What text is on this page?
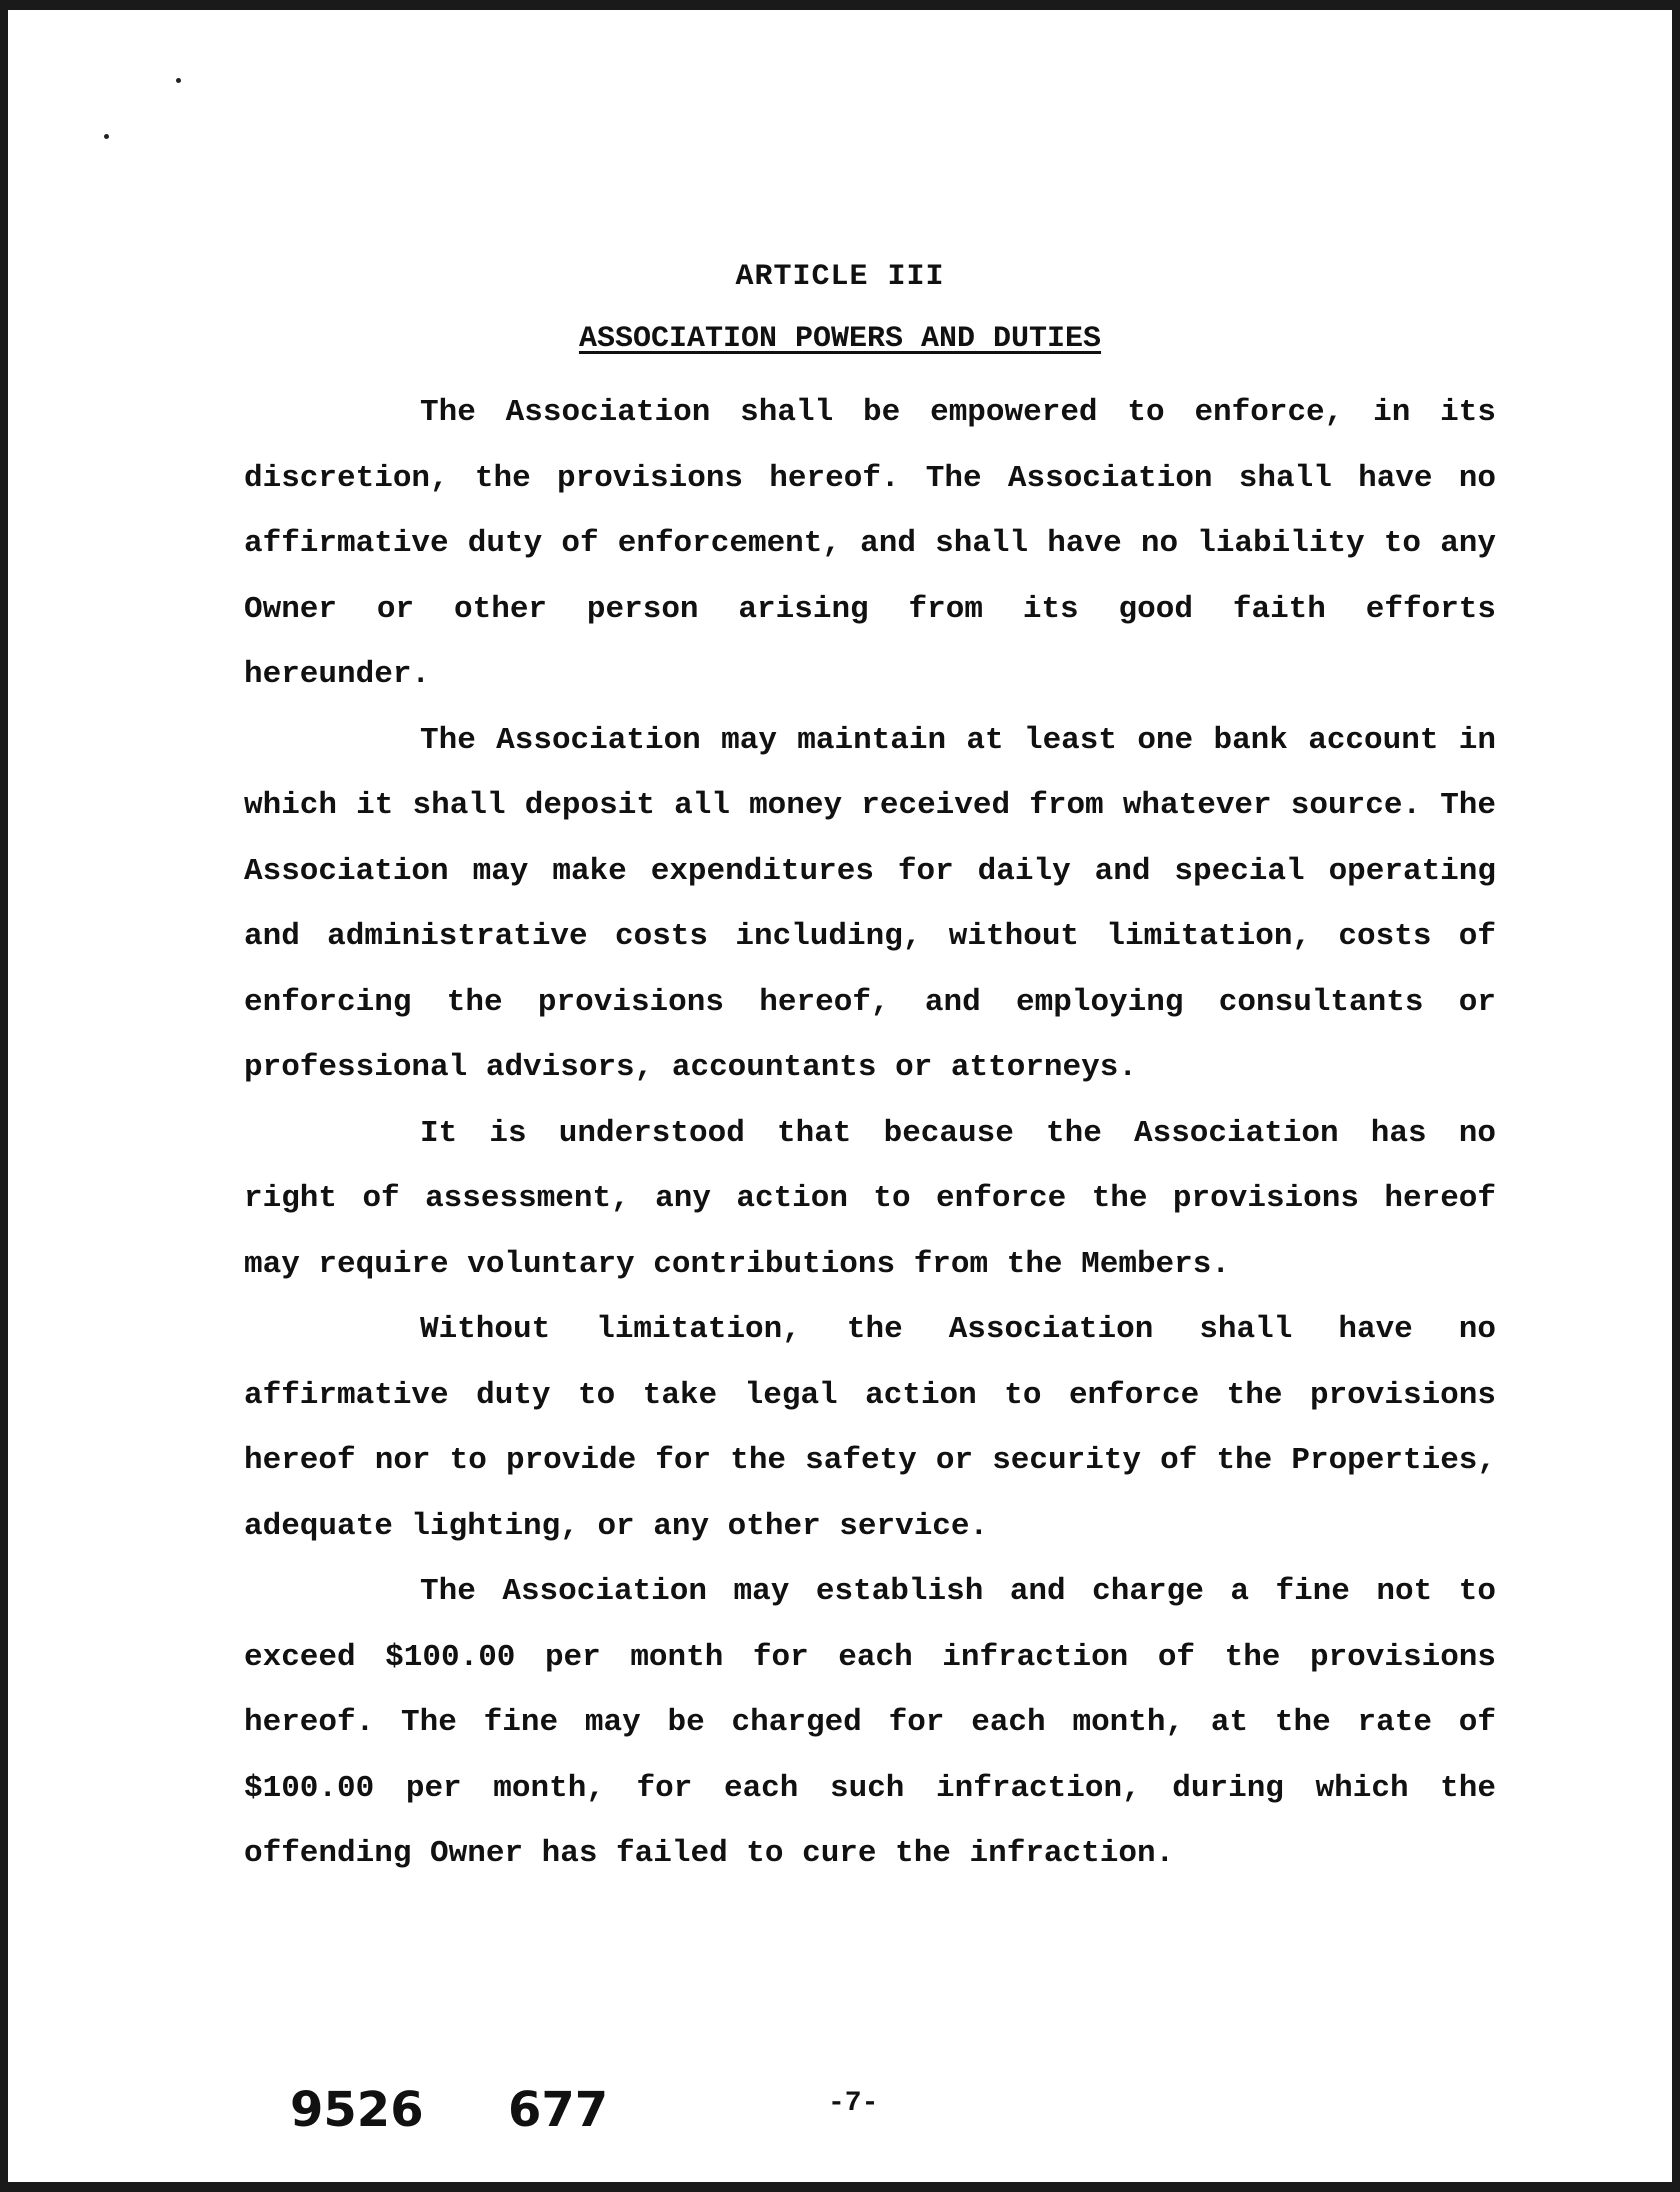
ARTICLE III
ASSOCIATION POWERS AND DUTIES

The Association shall be empowered to enforce, in its discretion, the provisions hereof. The Association shall have no affirmative duty of enforcement, and shall have no liability to any Owner or other person arising from its good faith efforts hereunder.

The Association may maintain at least one bank account in which it shall deposit all money received from whatever source. The Association may make expenditures for daily and special operating and administrative costs including, without limitation, costs of enforcing the provisions hereof, and employing consultants or professional advisors, accountants or attorneys.

It is understood that because the Association has no right of assessment, any action to enforce the provisions hereof may require voluntary contributions from the Members.

Without limitation, the Association shall have no affirmative duty to take legal action to enforce the provisions hereof nor to provide for the safety or security of the Properties, adequate lighting, or any other service.

The Association may establish and charge a fine not to exceed $100.00 per month for each infraction of the provisions hereof. The fine may be charged for each month, at the rate of $100.00 per month, for each such infraction, during which the offending Owner has failed to cure the infraction.

9526 677	-7-
